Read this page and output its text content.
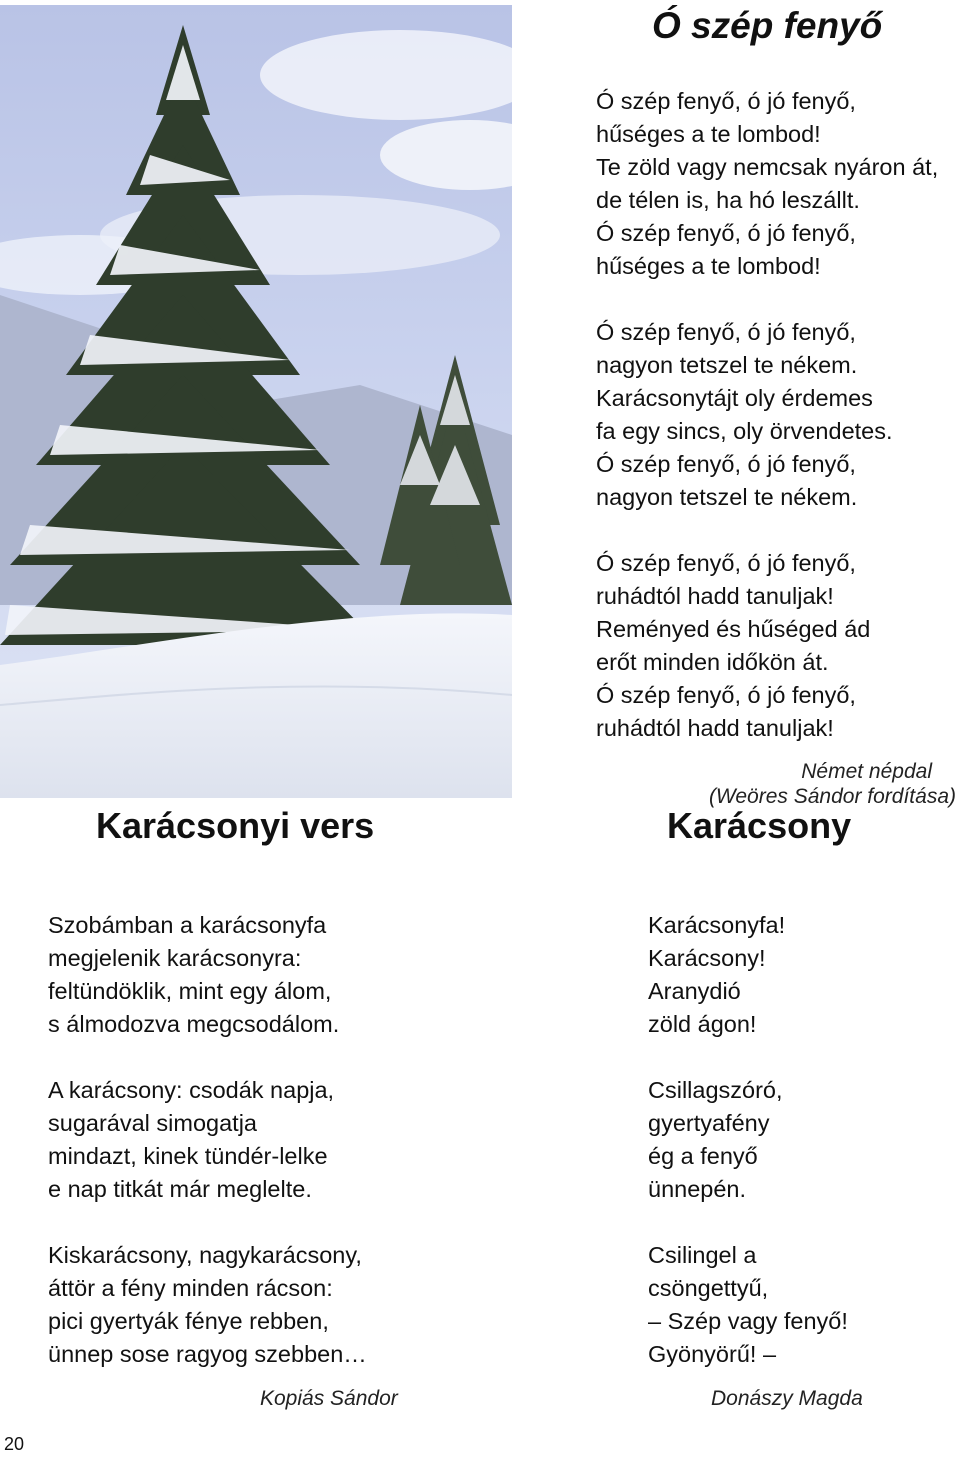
Ó szép fenyő

Ó szép fenyő, ó jó fenyő,
hűséges a te lombod!
Te zöld vagy nemcsak nyáron át,
de télen is, ha hó leszállt.
Ó szép fenyő, ó jó fenyő,
hűséges a te lombod!

Ó szép fenyő, ó jó fenyő,
nagyon tetszel te nékem.
Karácsonytájt oly érdemes
fa egy sincs, oly örvendetes.
Ó szép fenyő, ó jó fenyő,
nagyon tetszel te nékem.

Ó szép fenyő, ó jó fenyő,
ruhádtól hadd tanuljak!
Reményed és hűséged ád
erőt minden időkön át.
Ó szép fenyő, ó jó fenyő,
ruhádtól hadd tanuljak!

Német népdal
(Weöres Sándor fordítása)
Karácsonyi vers

Szobámban a karácsonyfa
megjelenik karácsonyra:
feltündöklik, mint egy álom,
s álmodozva megcsodálom.

A karácsony: csodák napja,
sugarával simogatja
mindazt, kinek tündér-lelke
e nap titkát már meglelte.

Kiskarácsony, nagykarácsony,
áttör a fény minden rácson:
pici gyertyák fénye rebben,
ünnep sose ragyog szebben…

Kopiás Sándor
Karácsony

Karácsonyfa!
Karácsony!
Aranydió
zöld ágon!

Csillagszóró,
gyertyafény
ég a fenyő
ünnepén.

Csilingel a
csöngettyű,
– Szép vagy fenyő!
Gyönyörű! –

Donászy Magda
20
